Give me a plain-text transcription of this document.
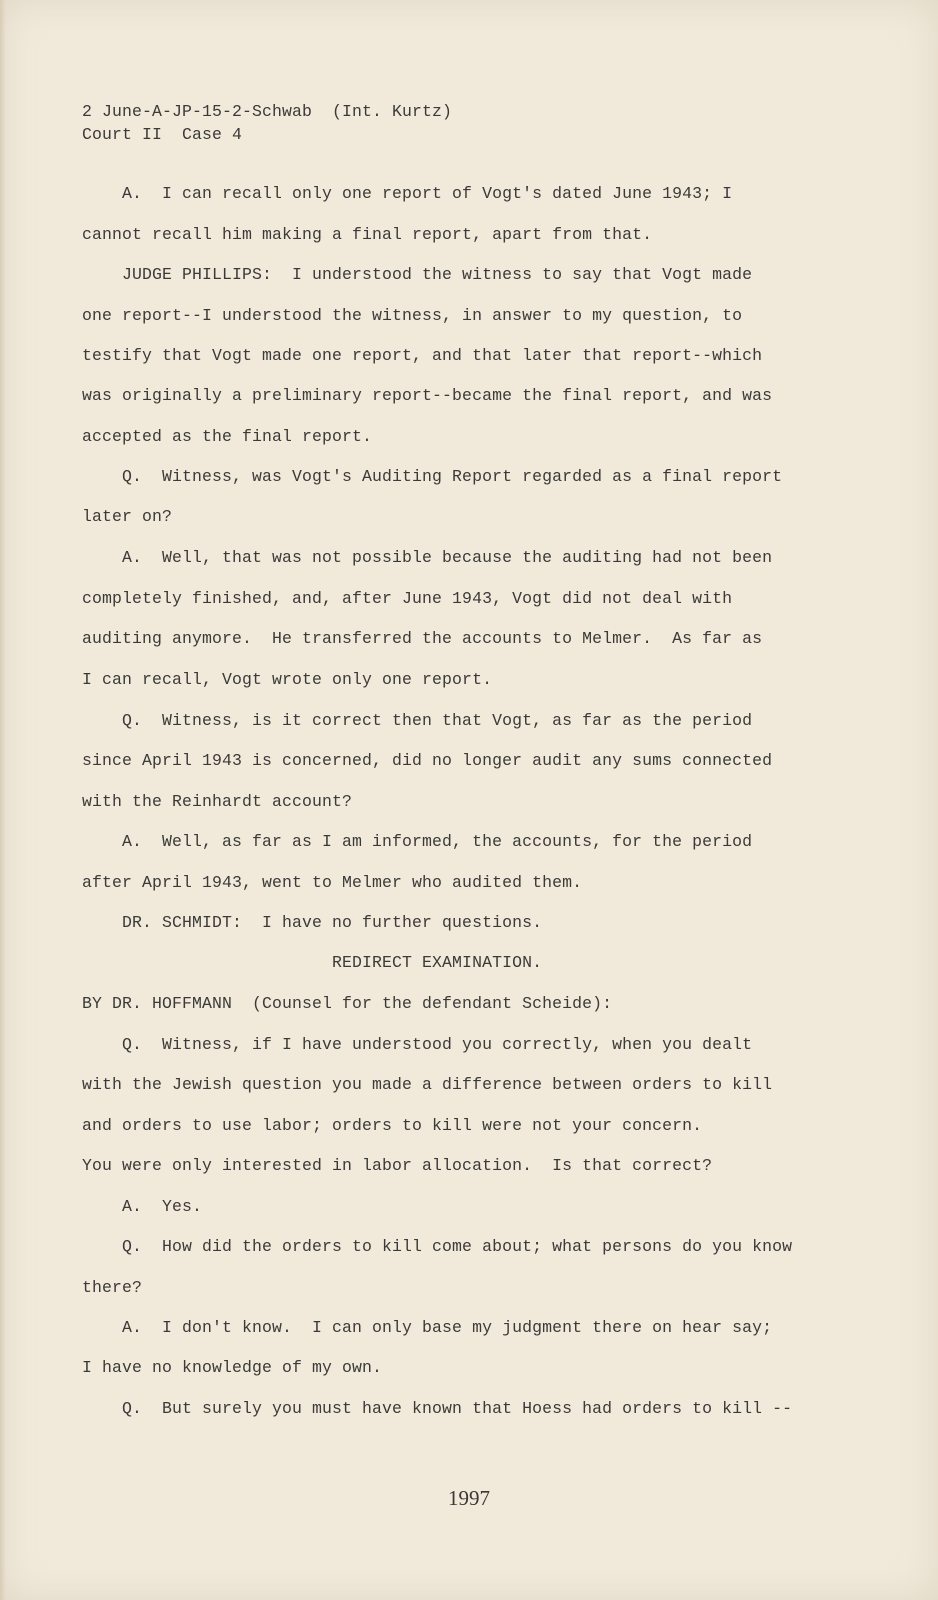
2 June-A-JP-15-2-Schwab  (Int. Kurtz)
Court II  Case 4
A.  I can recall only one report of Vogt's dated June 1943; I
cannot recall him making a final report, apart from that.
JUDGE PHILLIPS:  I understood the witness to say that Vogt made
one report--I understood the witness, in answer to my question, to
testify that Vogt made one report, and that later that report--which
was originally a preliminary report--became the final report, and was
accepted as the final report.
Q.  Witness, was Vogt's Auditing Report regarded as a final report
later on?
A.  Well, that was not possible because the auditing had not been
completely finished, and, after June 1943, Vogt did not deal with
auditing anymore.  He transferred the accounts to Melmer.  As far as
I can recall, Vogt wrote only one report.
Q.  Witness, is it correct then that Vogt, as far as the period
since April 1943 is concerned, did no longer audit any sums connected
with the Reinhardt account?
A.  Well, as far as I am informed, the accounts, for the period
after April 1943, went to Melmer who audited them.
DR. SCHMIDT:  I have no further questions.
REDIRECT EXAMINATION.
BY DR. HOFFMANN  (Counsel for the defendant Scheide):
Q.  Witness, if I have understood you correctly, when you dealt
with the Jewish question you made a difference between orders to kill
and orders to use labor; orders to kill were not your concern.
You were only interested in labor allocation.  Is that correct?
A.  Yes.
Q.  How did the orders to kill come about; what persons do you know
there?
A.  I don't know.  I can only base my judgment there on hear say;
I have no knowledge of my own.
Q.  But surely you must have known that Hoess had orders to kill --
1997
